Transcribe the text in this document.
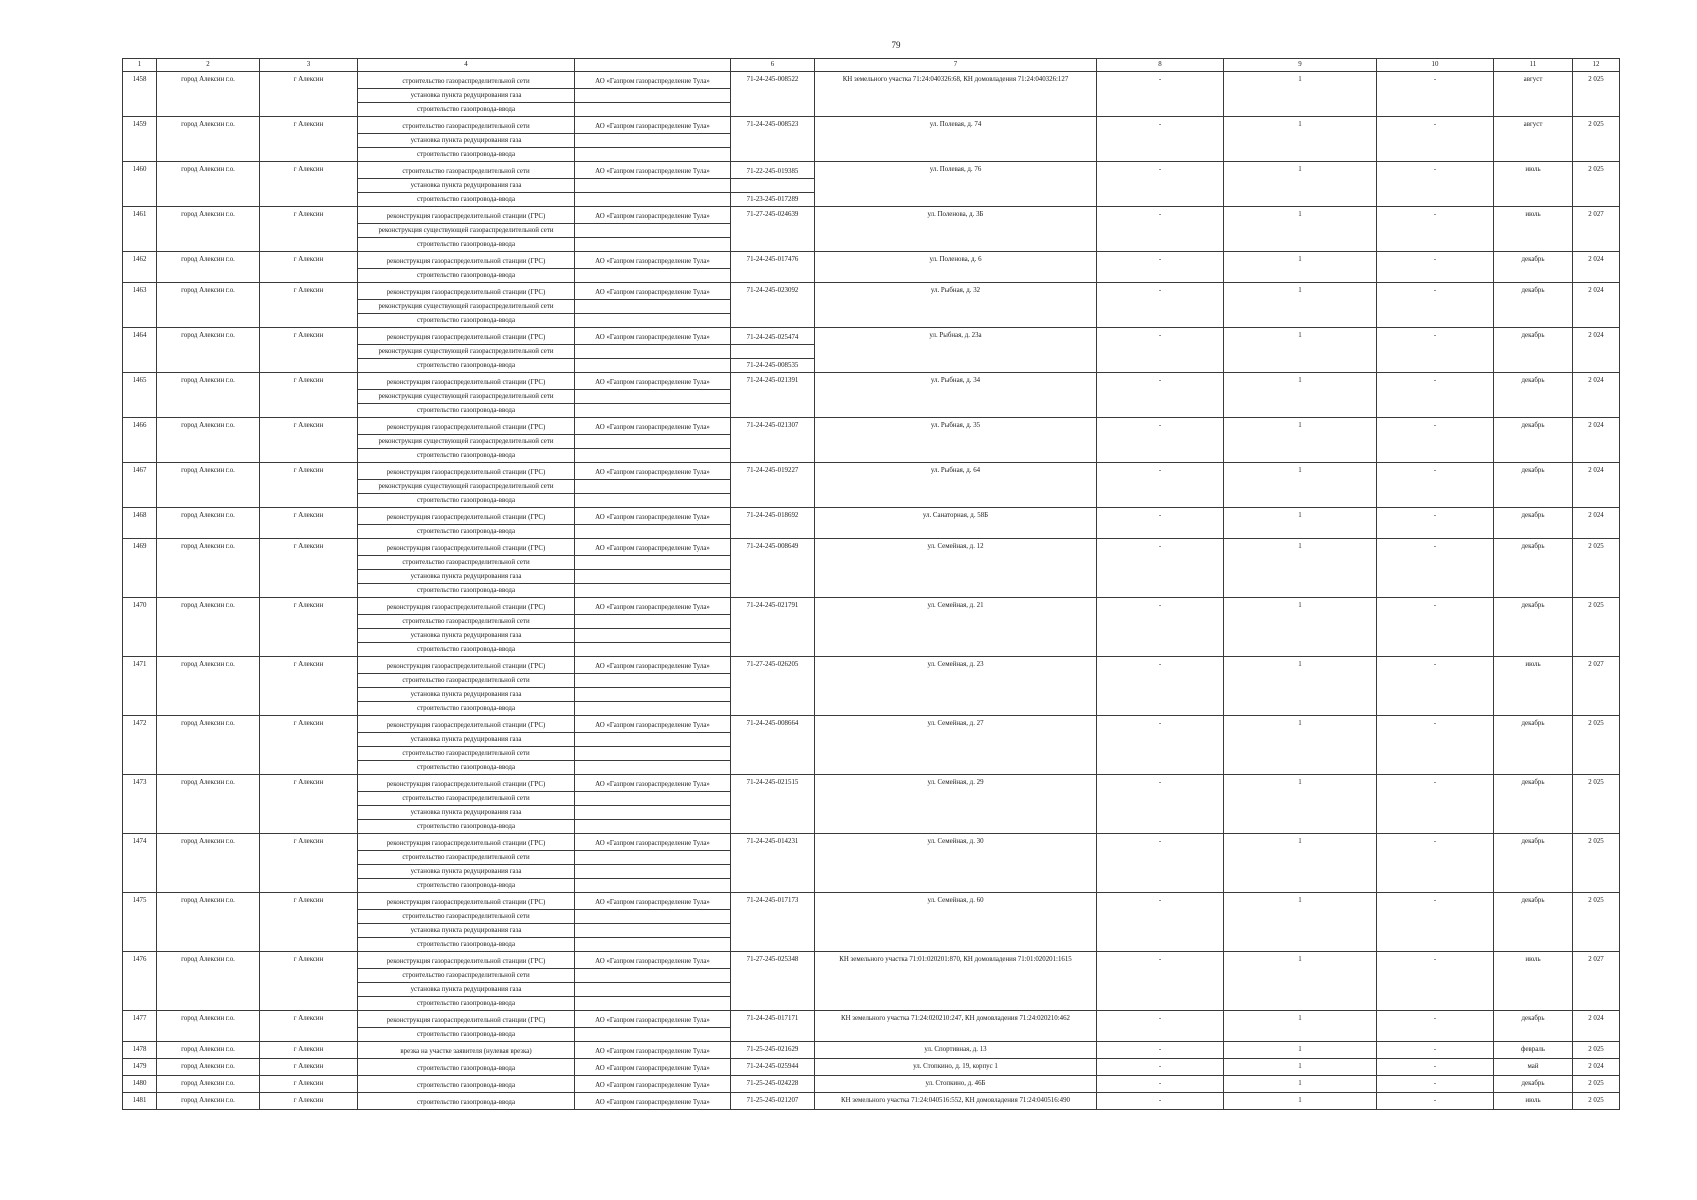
79
1	2	3	4		6	7	8	9	10	11	12
1458	город Алексин г.о.	г Алексин	строительство газораспределительной сети	АО «Газпром газораспределение Тула»	71-24-245-008522	КН земельного участка 71:24:040326:68, КН домовладения 71:24:040326:127	-	1	-	август	2 025
			установка пункта редуцирования газа								
			строительство газопровода-ввода								
1459	город Алексин г.о.	г Алексин	строительство газораспределительной сети	АО «Газпром газораспределение Тула»	71-24-245-008523	ул. Полевая, д. 74	-	1	-	август	2 025
			установка пункта редуцирования газа								
			строительство газопровода-ввода								
1460	город Алексин г.о.	г Алексин	строительство газораспределительной сети	АО «Газпром газораспределение Тула»	71-22-245-019385	ул. Полевая, д. 76	-	1	-	июль	2 025
			установка пункта редуцирования газа								
			строительство газопровода-ввода		71-23-245-017289						
1461	город Алексин г.о.	г Алексин	реконструкция газораспределительной станции (ГРС)	АО «Газпром газораспределение Тула»	71-27-245-024639	ул. Поленова, д. 3Б	-	1	-	июль	2 027
			реконструкция существующей газораспределительной сети								
			строительство газопровода-ввода								
1462	город Алексин г.о.	г Алексин	реконструкция газораспределительной станции (ГРС)	АО «Газпром газораспределение Тула»	71-24-245-017476	ул. Поленова, д. 6	-	1	-	декабрь	2 024
			строительство газопровода-ввода								
1463	город Алексин г.о.	г Алексин	реконструкция газораспределительной станции (ГРС)	АО «Газпром газораспределение Тула»	71-24-245-023092	ул. Рыбная, д. 32	-	1	-	декабрь	2 024
			реконструкция существующей газораспределительной сети								
			строительство газопровода-ввода								
1464	город Алексин г.о.	г Алексин	реконструкция газораспределительной станции (ГРС)	АО «Газпром газораспределение Тула»	71-24-245-025474	ул. Рыбная, д. 23а	-	1	-	декабрь	2 024
			реконструкция существующей газораспределительной сети								
			строительство газопровода-ввода		71-24-245-008535						
1465	город Алексин г.о.	г Алексин	реконструкция газораспределительной станции (ГРС)	АО «Газпром газораспределение Тула»	71-24-245-021391	ул. Рыбная, д. 34	-	1	-	декабрь	2 024
			реконструкция существующей газораспределительной сети								
			строительство газопровода-ввода								
1466	город Алексин г.о.	г Алексин	реконструкция газораспределительной станции (ГРС)	АО «Газпром газораспределение Тула»	71-24-245-021307	ул. Рыбная, д. 35	-	1	-	декабрь	2 024
			реконструкция существующей газораспределительной сети								
			строительство газопровода-ввода								
1467	город Алексин г.о.	г Алексин	реконструкция газораспределительной станции (ГРС)	АО «Газпром газораспределение Тула»	71-24-245-019227	ул. Рыбная, д. 64	-	1	-	декабрь	2 024
			реконструкция существующей газораспределительной сети								
			строительство газопровода-ввода								
1468	город Алексин г.о.	г Алексин	реконструкция газораспределительной станции (ГРС)	АО «Газпром газораспределение Тула»	71-24-245-018692	ул. Санаторная, д. 58Б	-	1	-	декабрь	2 024
			строительство газопровода-ввода								
1469	город Алексин г.о.	г Алексин	реконструкция газораспределительной станции (ГРС)	АО «Газпром газораспределение Тула»	71-24-245-008649	ул. Семейная, д. 12	-	1	-	декабрь	2 025
			строительство газораспределительной сети								
			установка пункта редуцирования газа								
			строительство газопровода-ввода								
1470	город Алексин г.о.	г Алексин	реконструкция газораспределительной станции (ГРС)	АО «Газпром газораспределение Тула»	71-24-245-021791	ул. Семейная, д. 21	-	1	-	декабрь	2 025
			строительство газораспределительной сети								
			установка пункта редуцирования газа								
			строительство газопровода-ввода								
1471	город Алексин г.о.	г Алексин	реконструкция газораспределительной станции (ГРС)	АО «Газпром газораспределение Тула»	71-27-245-026205	ул. Семейная, д. 23	-	1	-	июль	2 027
			строительство газораспределительной сети								
			установка пункта редуцирования газа								
			строительство газопровода-ввода								
1472	город Алексин г.о.	г Алексин	реконструкция газораспределительной станции (ГРС)	АО «Газпром газораспределение Тула»	71-24-245-008664	ул. Семейная, д. 27	-	1	-	декабрь	2 025
			установка пункта редуцирования газа								
			строительство газораспределительной сети								
			строительство газопровода-ввода								
1473	город Алексин г.о.	г Алексин	реконструкция газораспределительной станции (ГРС)	АО «Газпром газораспределение Тула»	71-24-245-021515	ул. Семейная, д. 29	-	1	-	декабрь	2 025
			строительство газораспределительной сети								
			установка пункта редуцирования газа								
			строительство газопровода-ввода								
1474	город Алексин г.о.	г Алексин	реконструкция газораспределительной станции (ГРС)	АО «Газпром газораспределение Тула»	71-24-245-014231	ул. Семейная, д. 30	-	1	-	декабрь	2 025
			строительство газораспределительной сети								
			установка пункта редуцирования газа								
			строительство газопровода-ввода								
1475	город Алексин г.о.	г Алексин	реконструкция газораспределительной станции (ГРС)	АО «Газпром газораспределение Тула»	71-24-245-017173	ул. Семейная, д. 60	-	1	-	декабрь	2 025
			строительство газораспределительной сети								
			установка пункта редуцирования газа								
			строительство газопровода-ввода								
1476	город Алексин г.о.	г Алексин	реконструкция газораспределительной станции (ГРС)	АО «Газпром газораспределение Тула»	71-27-245-025348	КН земельного участка 71:01:020201:870, КН домовладения 71:01:020201:1615	-	1	-	июль	2 027
			строительство газораспределительной сети								
			установка пункта редуцирования газа								
			строительство газопровода-ввода								
1477	город Алексин г.о.	г Алексин	реконструкция газораспределительной станции (ГРС)	АО «Газпром газораспределение Тула»	71-24-245-017171	КН земельного участка 71:24:020210:247, КН домовладения 71:24:020210:462	-	1	-	декабрь	2 024
			строительство газопровода-ввода								
1478	город Алексин г.о.	г Алексин	врезка на участке заявителя (нулевая врезка)	АО «Газпром газораспределение Тула»	71-25-245-021629	ул. Спортивная, д. 13	-	1	-	февраль	2 025
1479	город Алексин г.о.	г Алексин	строительство газопровода-ввода	АО «Газпром газораспределение Тула»	71-24-245-025944	ул. Стопкино, д. 19, корпус 1	-	1	-	май	2 024
1480	город Алексин г.о.	г Алексин	строительство газопровода-ввода	АО «Газпром газораспределение Тула»	71-25-245-024228	ул. Стопкино, д. 46Б	-	1	-	декабрь	2 025
1481	город Алексин г.о.	г Алексин	строительство газопровода-ввода	АО «Газпром газораспределение Тула»	71-25-245-021207	КН земельного участка 71:24:040516:552, КН домовладения 71:24:040516:490	-	1	-	июль	2 025
